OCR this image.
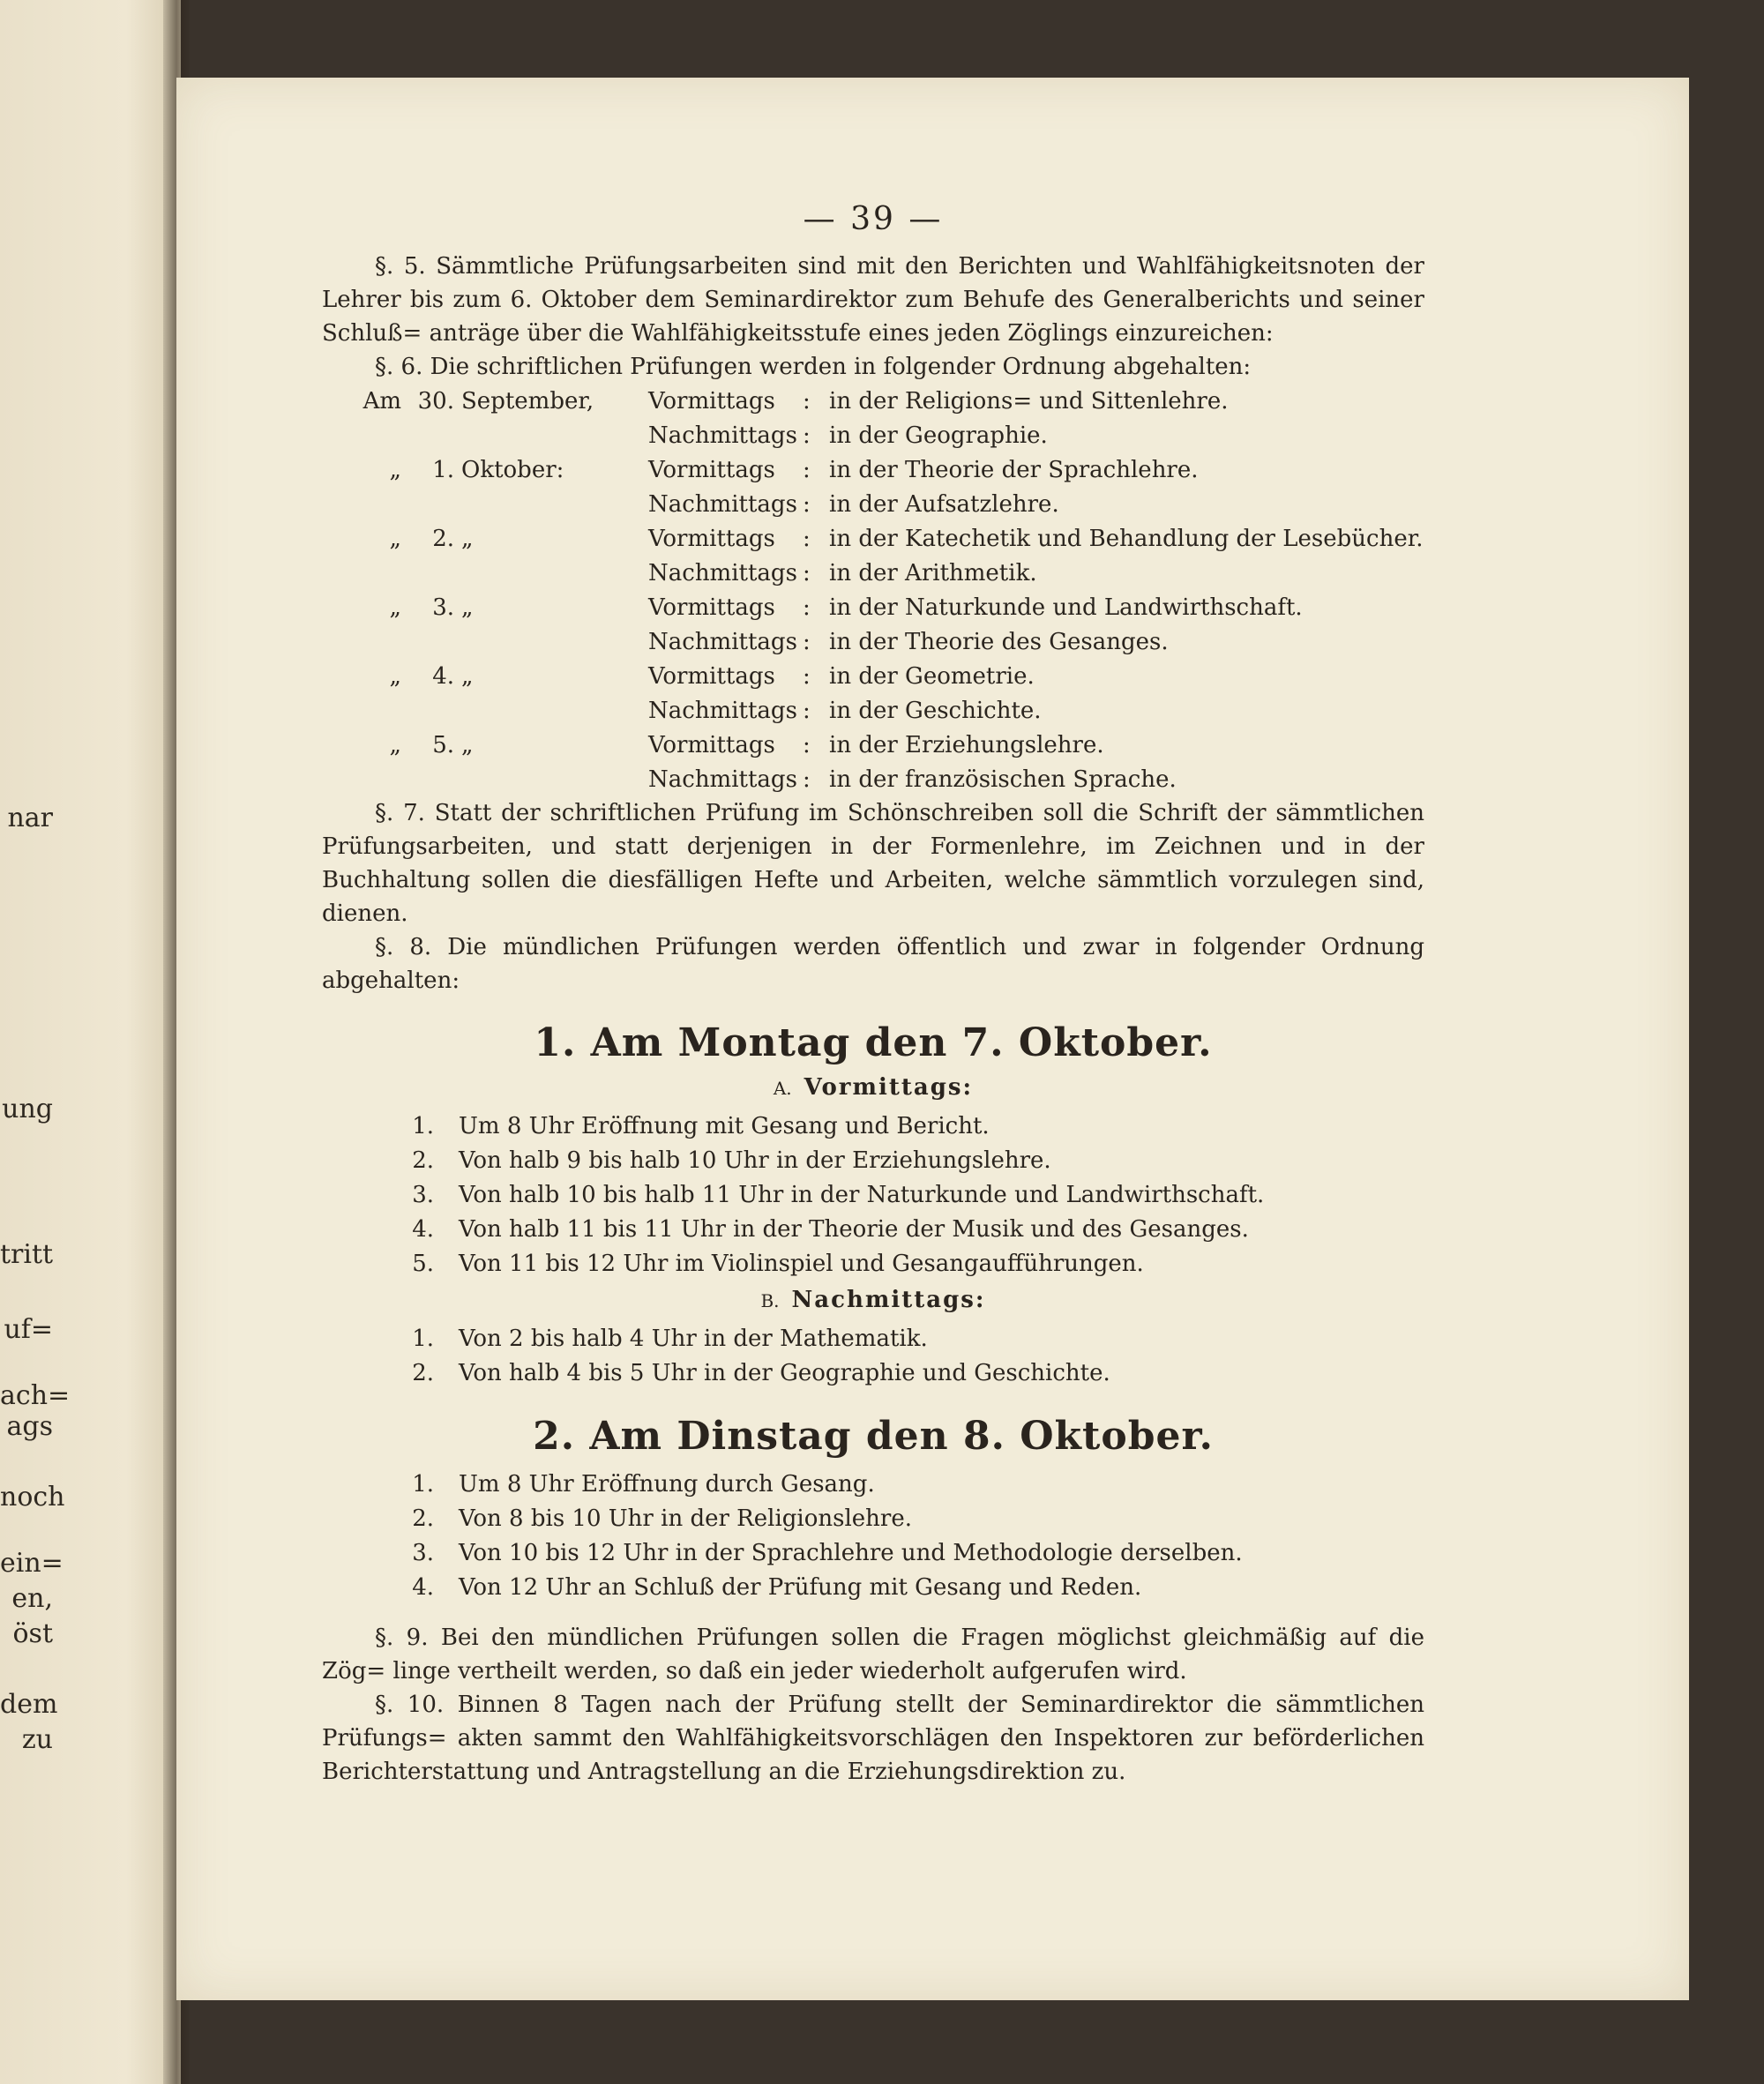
nar
ung
tritt
uf=
ach=
ags
noch
ein=
en,
öst
dem
zu
— 39 —

§. 5. Sämmtliche Prüfungsarbeiten sind mit den Berichten und Wahlfähigkeitsnoten der Lehrer bis zum 6. Oktober dem Seminardirektor zum Behufe des Generalberichts und seiner Schluß= anträge über die Wahlfähigkeitsstufe eines jeden Zöglings einzureichen:

§. 6. Die schriftlichen Prüfungen werden in folgender Ordnung abgehalten:

Am 30. September,	Vormittags	: in der Religions= und Sittenlehre.
Nachmittags : in der Geographie.
„	1. Oktober:	Vormittags	: in der Theorie der Sprachlehre.
Nachmittags : in der Aufsatzlehre.
„	2. „	Vormittags	: in der Katechetik und Behandlung der Lesebücher.
Nachmittags : in der Arithmetik.
„	3. „	Vormittags	: in der Naturkunde und Landwirthschaft.
Nachmittags : in der Theorie des Gesanges.
„	4. „	Vormittags	: in der Geometrie.
Nachmittags : in der Geschichte.
„	5. „	Vormittags	: in der Erziehungslehre.
Nachmittags : in der französischen Sprache.

§. 7. Statt der schriftlichen Prüfung im Schönschreiben soll die Schrift der sämmtlichen Prüfungsarbeiten, und statt derjenigen in der Formenlehre, im Zeichnen und in der Buchhaltung sollen die diesfälligen Hefte und Arbeiten, welche sämmtlich vorzulegen sind, dienen.

§. 8. Die mündlichen Prüfungen werden öffentlich und zwar in folgender Ordnung abgehalten:

1. Am Montag den 7. Oktober.
A. Vormittags:
1.	Um 8 Uhr Eröffnung mit Gesang und Bericht.
2.	Von halb 9 bis halb 10 Uhr in der Erziehungslehre.
3.	Von halb 10 bis halb 11 Uhr in der Naturkunde und Landwirthschaft.
4.	Von halb 11 bis 11 Uhr in der Theorie der Musik und des Gesanges.
5.	Von 11 bis 12 Uhr im Violinspiel und Gesangaufführungen.
B. Nachmittags:
1.	Von 2 bis halb 4 Uhr in der Mathematik.
2.	Von halb 4 bis 5 Uhr in der Geographie und Geschichte.
2. Am Dinstag den 8. Oktober.
1.	Um 8 Uhr Eröffnung durch Gesang.
2.	Von 8 bis 10 Uhr in der Religionslehre.
3.	Von 10 bis 12 Uhr in der Sprachlehre und Methodologie derselben.
4.	Von 12 Uhr an Schluß der Prüfung mit Gesang und Reden.

§. 9. Bei den mündlichen Prüfungen sollen die Fragen möglichst gleichmäßig auf die Zög= linge vertheilt werden, so daß ein jeder wiederholt aufgerufen wird.

§. 10. Binnen 8 Tagen nach der Prüfung stellt der Seminardirektor die sämmtlichen Prüfungs= akten sammt den Wahlfähigkeitsvorschlägen den Inspektoren zur beförderlichen Berichterstattung und Antragstellung an die Erziehungsdirektion zu.
